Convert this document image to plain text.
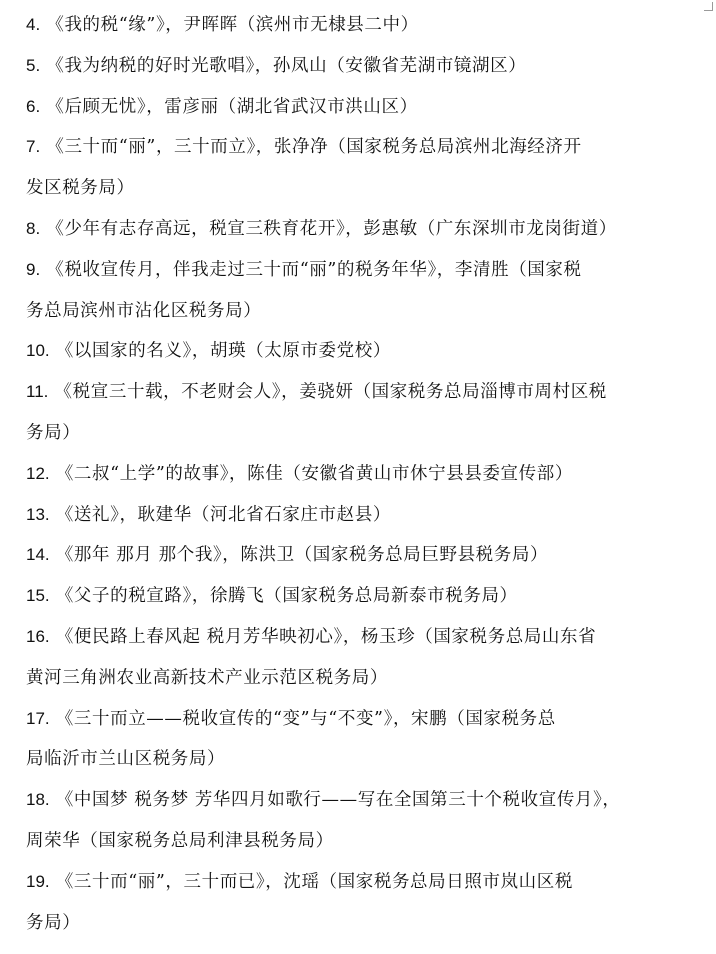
4. 《我的税“缘”》，尹晖晖（滨州市无棣县二中）
5. 《我为纳税的好时光歌唱》，孙凤山（安徽省芜湖市镜湖区）
6. 《后顾无忧》，雷彦丽（湖北省武汉市洪山区）
7. 《三十而“丽”，三十而立》，张净净（国家税务总局滨州北海经济开
发区税务局）
8. 《少年有志存高远，税宣三秩育花开》，彭惠敏（广东深圳市龙岗街道）
9. 《税收宣传月，伴我走过三十而“丽”的税务年华》，李清胜（国家税
务总局滨州市沾化区税务局）
10. 《以国家的名义》，胡瑛（太原市委党校）
11. 《税宣三十载，不老财会人》，姜骁妍（国家税务总局淄博市周村区税
务局）
12. 《二叔“上学”的故事》，陈佳（安徽省黄山市休宁县县委宣传部）
13. 《送礼》，耿建华（河北省石家庄市赵县）
14. 《那年 那月 那个我》，陈洪卫（国家税务总局巨野县税务局）
15. 《父子的税宣路》，徐腾飞（国家税务总局新泰市税务局）
16. 《便民路上春风起 税月芳华映初心》，杨玉珍（国家税务总局山东省
黄河三角洲农业高新技术产业示范区税务局）
17. 《三十而立——税收宣传的“变”与“不变”》，宋鹏（国家税务总
局临沂市兰山区税务局）
18. 《中国梦 税务梦 芳华四月如歌行——写在全国第三十个税收宣传月》，
周荣华（国家税务总局利津县税务局）
19. 《三十而“丽”，三十而已》，沈瑶（国家税务总局日照市岚山区税
务局）
